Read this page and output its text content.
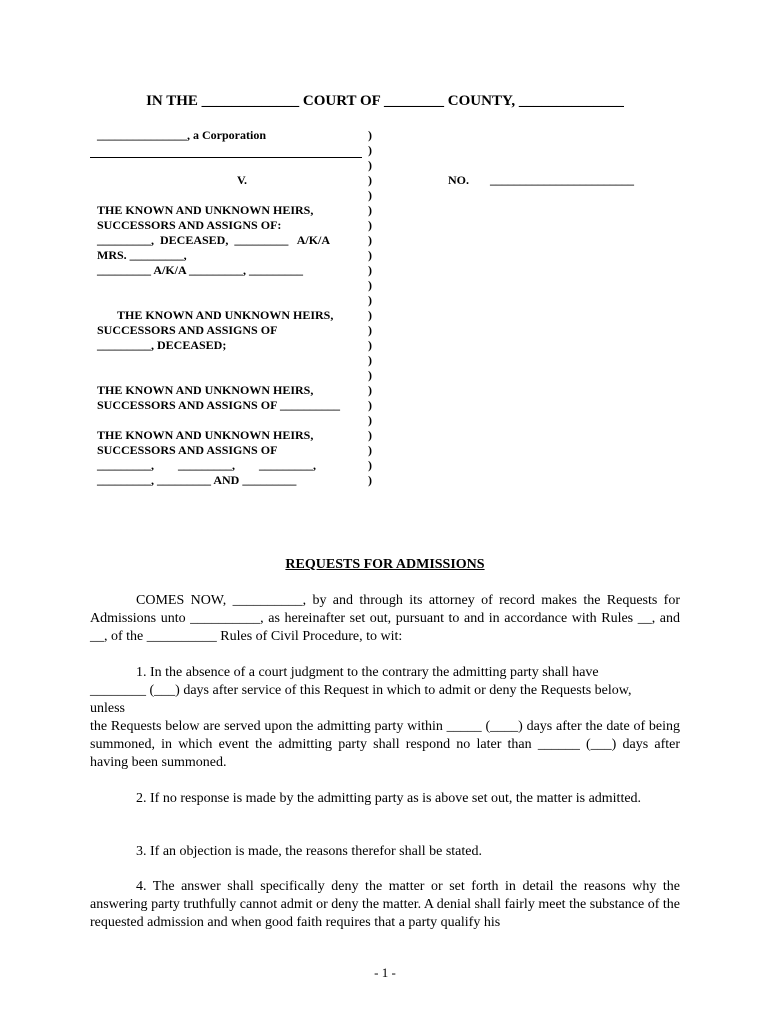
IN THE _____________ COURT OF ________ COUNTY, ______________
_______________, a Corporation
V.
THE KNOWN AND UNKNOWN HEIRS,
SUCCESSORS AND ASSIGNS OF:
_________,  DECEASED,  _________   A/K/A
MRS. _________,
_________ A/K/A _________, _________
THE KNOWN AND UNKNOWN HEIRS,
SUCCESSORS AND ASSIGNS OF
_________, DECEASED;
THE KNOWN AND UNKNOWN HEIRS,
SUCCESSORS AND ASSIGNS OF __________
THE KNOWN AND UNKNOWN HEIRS,
SUCCESSORS AND ASSIGNS OF
_________,        _________,        _________,
_________, _________ AND _________
)
)
)
)
)
)
)
)
)
)
)
)
)
)
)
)
)
)
)
)
)
)
)
)
NO.       ________________________
REQUESTS FOR ADMISSIONS
COMES NOW, __________, by and through its attorney of record makes the Requests for Admissions unto __________, as hereinafter set out, pursuant to and in accordance with Rules __, and __, of the __________ Rules of Civil Procedure, to wit:
1. In the absence of a court judgment to the contrary the admitting party shall have
________ (___) days after service of this Request in which to admit or deny the Requests below,
unless
the Requests below are served upon the admitting party within _____ (____) days after the date of being summoned, in which event the admitting party shall respond no later than ______ (___) days after having been summoned.
2. If no response is made by the admitting party as is above set out, the matter is admitted.
3. If an objection is made, the reasons therefor shall be stated.
4. The answer shall specifically deny the matter or set forth in detail the reasons why the answering party truthfully cannot admit or deny the matter. A denial shall fairly meet the substance of the requested admission and when good faith requires that a party qualify his
- 1 -
